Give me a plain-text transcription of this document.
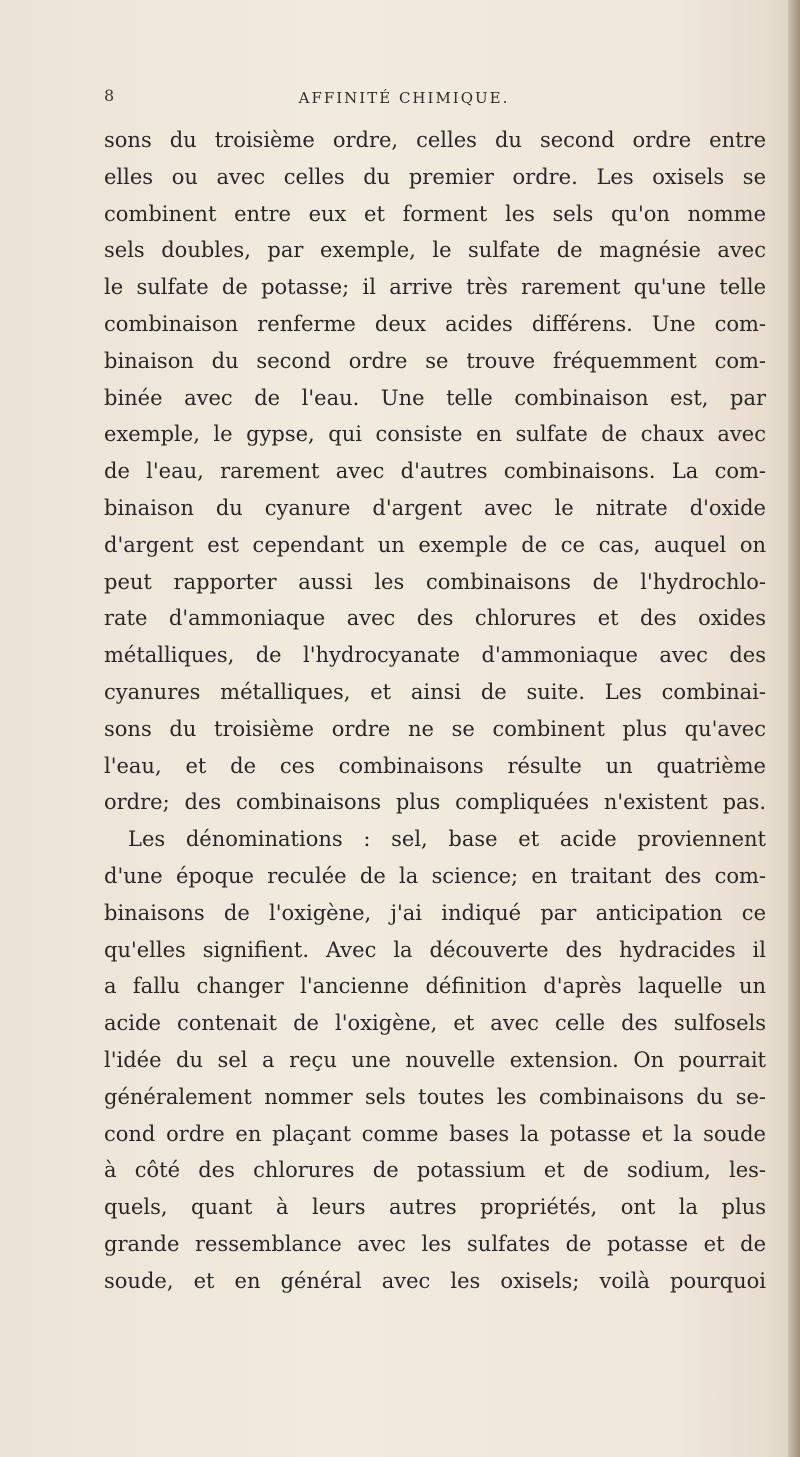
8	AFFINITÉ CHIMIQUE.
sons du troisième ordre, celles du second ordre entre
elles ou avec celles du premier ordre. Les oxisels se
combinent entre eux et forment les sels qu'on nomme
sels doubles, par exemple, le sulfate de magnésie avec
le sulfate de potasse; il arrive très rarement qu'une telle
combinaison renferme deux acides différens. Une com-
binaison du second ordre se trouve fréquemment com-
binée avec de l'eau. Une telle combinaison est, par
exemple, le gypse, qui consiste en sulfate de chaux avec
de l'eau, rarement avec d'autres combinaisons. La com-
binaison du cyanure d'argent avec le nitrate d'oxide
d'argent est cependant un exemple de ce cas, auquel on
peut rapporter aussi les combinaisons de l'hydrochlo-
rate d'ammoniaque avec des chlorures et des oxides
métalliques, de l'hydrocyanate d'ammoniaque avec des
cyanures métalliques, et ainsi de suite. Les combinai-
sons du troisième ordre ne se combinent plus qu'avec
l'eau, et de ces combinaisons résulte un quatrième
ordre; des combinaisons plus compliquées n'existent pas.
Les dénominations : sel, base et acide proviennent
d'une époque reculée de la science; en traitant des com-
binaisons de l'oxigène, j'ai indiqué par anticipation ce
qu'elles signifient. Avec la découverte des hydracides il
a fallu changer l'ancienne définition d'après laquelle un
acide contenait de l'oxigène, et avec celle des sulfosels
l'idée du sel a reçu une nouvelle extension. On pourrait
généralement nommer sels toutes les combinaisons du se-
cond ordre en plaçant comme bases la potasse et la soude
à côté des chlorures de potassium et de sodium, les-
quels, quant à leurs autres propriétés, ont la plus
grande ressemblance avec les sulfates de potasse et de
soude, et en général avec les oxisels; voilà pourquoi
